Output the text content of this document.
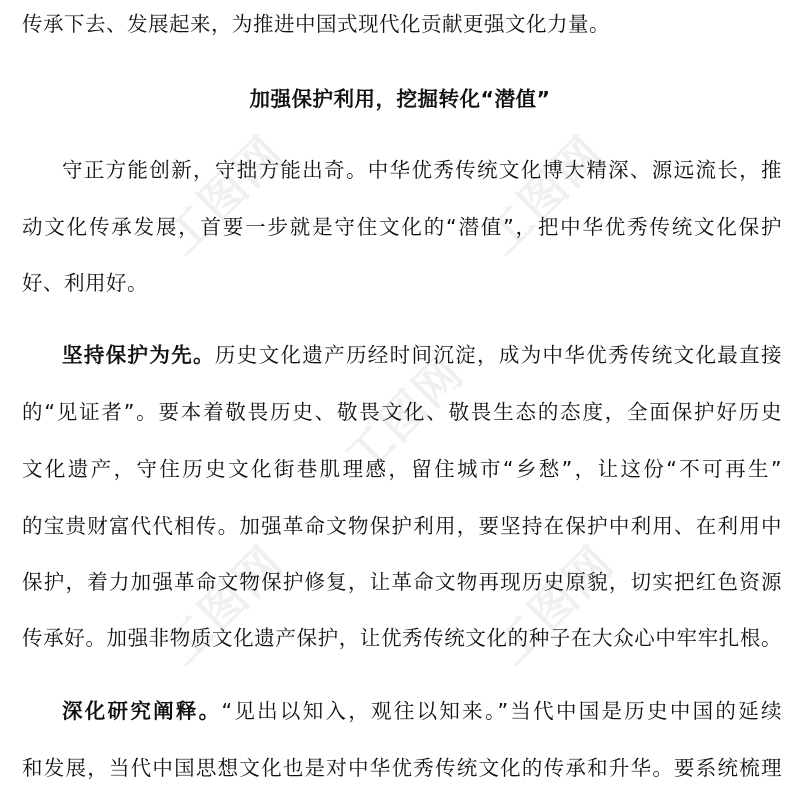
工图网	工图网
工图网
工图网	工图网
传承下去、发展起来，为推进中国式现代化贡献更强文化力量。
加强保护利用，挖掘转化“潜值”
守正方能创新，守拙方能出奇。中华优秀传统文化博大精深、源远流长，推
动文化传承发展，首要一步就是守住文化的“潜值”，把中华优秀传统文化保护
好、利用好。
坚持保护为先。历史文化遗产历经时间沉淀，成为中华优秀传统文化最直接
的“见证者”。要本着敬畏历史、敬畏文化、敬畏生态的态度，全面保护好历史
文化遗产，守住历史文化街巷肌理感，留住城市“乡愁”，让这份“不可再生”
的宝贵财富代代相传。加强革命文物保护利用，要坚持在保护中利用、在利用中
保护，着力加强革命文物保护修复，让革命文物再现历史原貌，切实把红色资源
传承好。加强非物质文化遗产保护，让优秀传统文化的种子在大众心中牢牢扎根。
深化研究阐释。“见出以知入，观往以知来。”当代中国是历史中国的延续
和发展，当代中国思想文化也是对中华优秀传统文化的传承和升华。要系统梳理
